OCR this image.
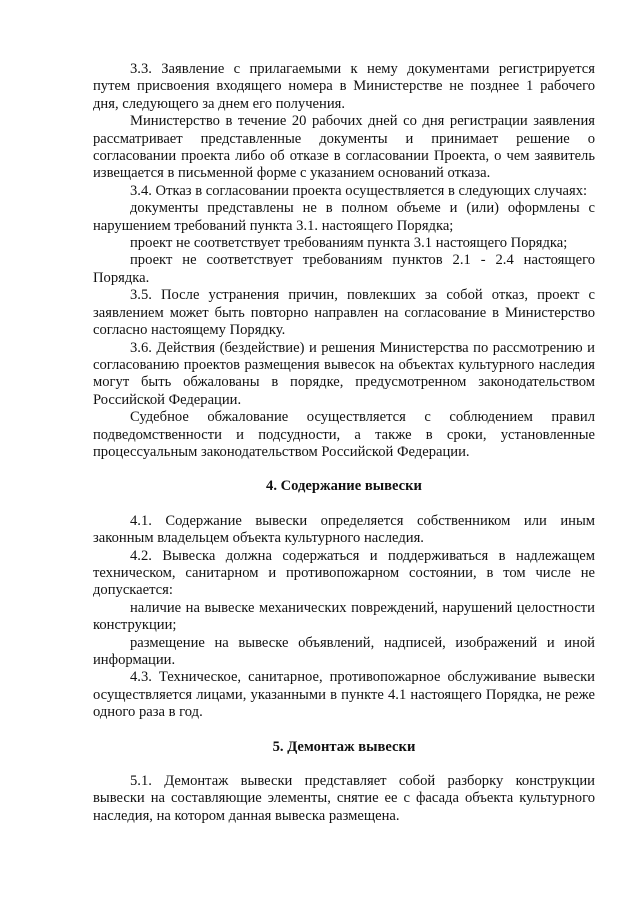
3.3. Заявление с прилагаемыми к нему документами регистрируется путем присвоения входящего номера в Министерстве не позднее 1 рабочего дня, следующего за днем его получения.

Министерство в течение 20 рабочих дней со дня регистрации заявления рассматривает представленные документы и принимает решение о согласовании проекта либо об отказе в согласовании Проекта, о чем заявитель извещается в письменной форме с указанием оснований отказа.

3.4. Отказ в согласовании проекта осуществляется в следующих случаях:

документы представлены не в полном объеме и (или) оформлены с нарушением требований пункта 3.1. настоящего Порядка;

проект не соответствует требованиям пункта 3.1 настоящего Порядка;

проект не соответствует требованиям пунктов 2.1 - 2.4 настоящего Порядка.

3.5. После устранения причин, повлекших за собой отказ, проект с заявлением может быть повторно направлен на согласование в Министерство согласно настоящему Порядку.

3.6. Действия (бездействие) и решения Министерства по рассмотрению и согласованию проектов размещения вывесок на объектах культурного наследия могут быть обжалованы в порядке, предусмотренном законодательством Российской Федерации.

Судебное обжалование осуществляется с соблюдением правил подведомственности и подсудности, а также в сроки, установленные процессуальным законодательством Российской Федерации.

4. Содержание вывески

4.1. Содержание вывески определяется собственником или иным законным владельцем объекта культурного наследия.

4.2. Вывеска должна содержаться и поддерживаться в надлежащем техническом, санитарном и противопожарном состоянии, в том числе не допускается:

наличие на вывеске механических повреждений, нарушений целостности конструкции;

размещение на вывеске объявлений, надписей, изображений и иной информации.

4.3. Техническое, санитарное, противопожарное обслуживание вывески осуществляется лицами, указанными в пункте 4.1 настоящего Порядка, не реже одного раза в год.

5. Демонтаж вывески

5.1. Демонтаж вывески представляет собой разборку конструкции вывески на составляющие элементы, снятие ее с фасада объекта культурного наследия, на котором данная вывеска размещена.
